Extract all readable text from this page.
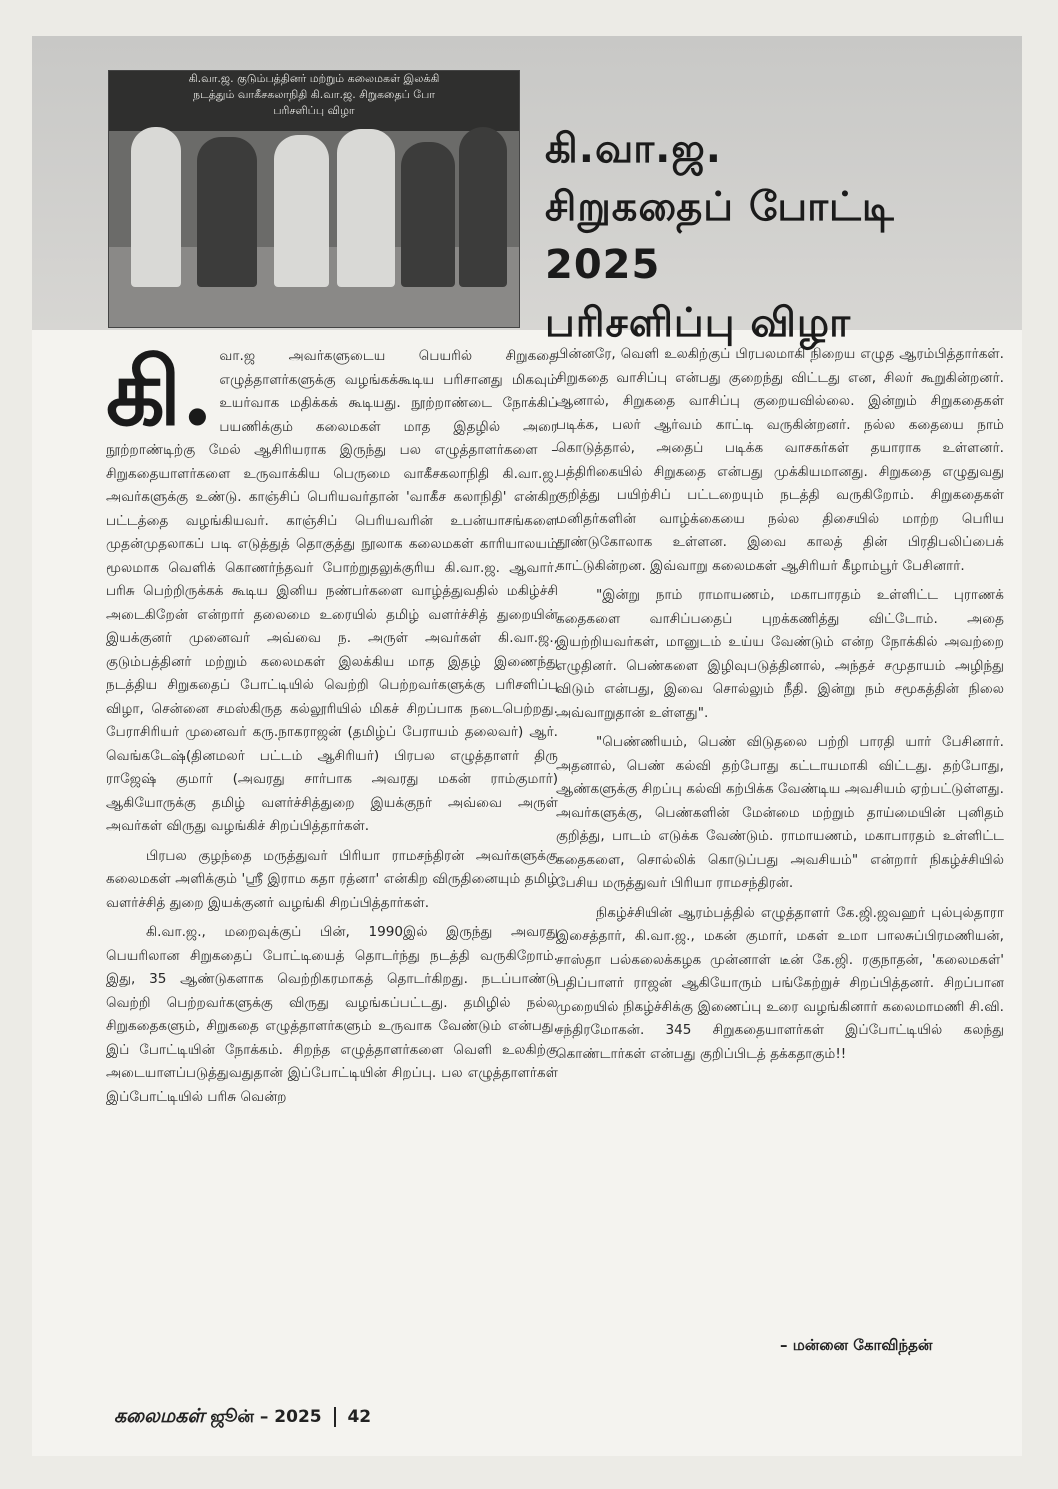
கி.வா.ஜ. குடும்பத்தினர் மற்றும் கலைமகள் இலக்கி
நடத்தும் வாகீசகலாநிதி கி.வா.ஜ. சிறுகதைப் போ
பரிசளிப்பு விழா
கி.வா.ஜ.
சிறுகதைப் போட்டி 2025
பரிசளிப்பு விழா

கி. வா.ஜ அவர்களுடைய பெயரில் சிறுகதை எழுத்தாளர்களுக்கு வழங்கக்கூடிய பரிசானது மிகவும் உயர்வாக மதிக்கக் கூடியது. நூற்றாண்டை நோக்கிப் பயணிக்கும் கலைமகள் மாத இதழில் அரை நூற்றாண்டிற்கு மேல் ஆசிரியராக இருந்து பல எழுத்தாளர்களை – சிறுகதையாளர்களை உருவாக்கிய பெருமை வாகீசகலாநிதி கி.வா.ஜ. அவர்களுக்கு உண்டு. காஞ்சிப் பெரியவர்தான் 'வாகீச கலாநிதி' என்கிற பட்டத்தை வழங்கியவர். காஞ்சிப் பெரியவரின் உபன்யாசங்களை முதன்முதலாகப் படி எடுத்துத் தொகுத்து நூலாக கலைமகள் காரியாலயம் மூலமாக வெளிக் கொணர்ந்தவர் போற்றுதலுக்குரிய கி.வா.ஜ. ஆவார். பரிசு பெற்றிருக்கக் கூடிய இனிய நண்பர்களை வாழ்த்துவதில் மகிழ்ச்சி அடைகிறேன் என்றார் தலைமை உரையில் தமிழ் வளர்ச்சித் துறையின் இயக்குனர் முனைவர் அவ்வை ந. அருள் அவர்கள் கி.வா.ஜ., குடும்பத்தினர் மற்றும் கலைமகள் இலக்கிய மாத இதழ் இணைந்து நடத்திய சிறுகதைப் போட்டியில் வெற்றி பெற்றவர்களுக்கு பரிசளிப்பு விழா, சென்னை சமஸ்கிருத கல்லூரியில் மிகச் சிறப்பாக நடைபெற்றது. பேராசிரியர் முனைவர் கரு.நாகராஜன் (தமிழ்ப் பேராயம் தலைவர்) ஆர். வெங்கடேஷ்(தினமலர் பட்டம் ஆசிரியர்) பிரபல எழுத்தாளர் திரு ராஜேஷ் குமார் (அவரது சார்பாக அவரது மகன் ராம்குமார்) ஆகியோருக்கு தமிழ் வளர்ச்சித்துறை இயக்குநர் அவ்வை அருள் அவர்கள் விருது வழங்கிச் சிறப்பித்தார்கள்.

பிரபல குழந்தை மருத்துவர் பிரியா ராமசந்திரன் அவர்களுக்கு கலைமகள் அளிக்கும் 'ஸ்ரீ இராம கதா ரத்னா' என்கிற விருதினையும் தமிழ் வளர்ச்சித் துறை இயக்குனர் வழங்கி சிறப்பித்தார்கள்.

கி.வா.ஜ., மறைவுக்குப் பின், 1990இல் இருந்து அவரது பெயரிலான சிறுகதைப் போட்டியைத் தொடர்ந்து நடத்தி வருகிறோம். இது, 35 ஆண்டுகளாக வெற்றிகரமாகத் தொடர்கிறது. நடப்பாண்டு வெற்றி பெற்றவர்களுக்கு விருது வழங்கப்பட்டது. தமிழில் நல்ல சிறுகதைகளும், சிறுகதை எழுத்தாளர்களும் உருவாக வேண்டும் என்பது, இப் போட்டியின் நோக்கம். சிறந்த எழுத்தாளர்களை வெளி உலகிற்கு அடையாளப்படுத்துவதுதான் இப்போட்டியின் சிறப்பு. பல எழுத்தாளர்கள் இப்போட்டியில் பரிசு வென்ற

பின்னரே, வெளி உலகிற்குப் பிரபலமாகி நிறைய எழுத ஆரம்பித்தார்கள். சிறுகதை வாசிப்பு என்பது குறைந்து விட்டது என, சிலர் கூறுகின்றனர். ஆனால், சிறுகதை வாசிப்பு குறையவில்லை. இன்றும் சிறுகதைகள் படிக்க, பலர் ஆர்வம் காட்டி வருகின்றனர். நல்ல கதையை நாம் கொடுத்தால், அதைப் படிக்க வாசகர்கள் தயாராக உள்ளனர். பத்திரிகையில் சிறுகதை என்பது முக்கியமானது. சிறுகதை எழுதுவது குறித்து பயிற்சிப் பட்டறையும் நடத்தி வருகிறோம். சிறுகதைகள் மனிதர்களின் வாழ்க்கையை நல்ல திசையில் மாற்ற பெரிய தூண்டுகோலாக உள்ளன. இவை காலத் தின் பிரதிபலிப்பைக் காட்டுகின்றன. இவ்வாறு கலைமகள் ஆசிரியர் கீழாம்பூர் பேசினார்.

"இன்று நாம் ராமாயணம், மகாபாரதம் உள்ளிட்ட புராணக் கதைகளை வாசிப்பதைப் புறக்கணித்து விட்டோம். அதை இயற்றியவர்கள், மானுடம் உய்ய வேண்டும் என்ற நோக்கில் அவற்றை எழுதினர். பெண்களை இழிவுபடுத்தினால், அந்தச் சமுதாயம் அழிந்து விடும் என்பது, இவை சொல்லும் நீதி. இன்று நம் சமூகத்தின் நிலை அவ்வாறுதான் உள்ளது".

"பெண்ணியம், பெண் விடுதலை பற்றி பாரதி யார் பேசினார். அதனால், பெண் கல்வி தற்போது கட்டாயமாகி விட்டது. தற்போது, ஆண்களுக்கு சிறப்பு கல்வி கற்பிக்க வேண்டிய அவசியம் ஏற்பட்டுள்ளது. அவர்களுக்கு, பெண்களின் மேன்மை மற்றும் தாய்மையின் புனிதம் குறித்து, பாடம் எடுக்க வேண்டும். ராமாயணம், மகாபாரதம் உள்ளிட்ட கதைகளை, சொல்லிக் கொடுப்பது அவசியம்" என்றார் நிகழ்ச்சியில் பேசிய மருத்துவர் பிரியா ராமசந்திரன்.

நிகழ்ச்சியின் ஆரம்பத்தில் எழுத்தாளர் கே.ஜி.ஜவஹர் புல்புல்தாரா இசைத்தார், கி.வா.ஜ., மகன் குமார், மகள் உமா பாலசுப்பிரமணியன், சாஸ்தா பல்கலைக்கழக முன்னாள் டீன் கே.ஜி. ரகுநாதன், 'கலைமகள்' பதிப்பாளர் ராஜன் ஆகியோரும் பங்கேற்றுச் சிறப்பித்தனர். சிறப்பான முறையில் நிகழ்ச்சிக்கு இணைப்பு உரை வழங்கினார் கலைமாமணி சி.வி. சந்திரமோகன். 345 சிறுகதையாளர்கள் இப்போட்டியில் கலந்து கொண்டார்கள் என்பது குறிப்பிடத் தக்கதாகும்!!

– மன்னை கோவிந்தன்
கலைமகள் ஜூன் – 2025 42
